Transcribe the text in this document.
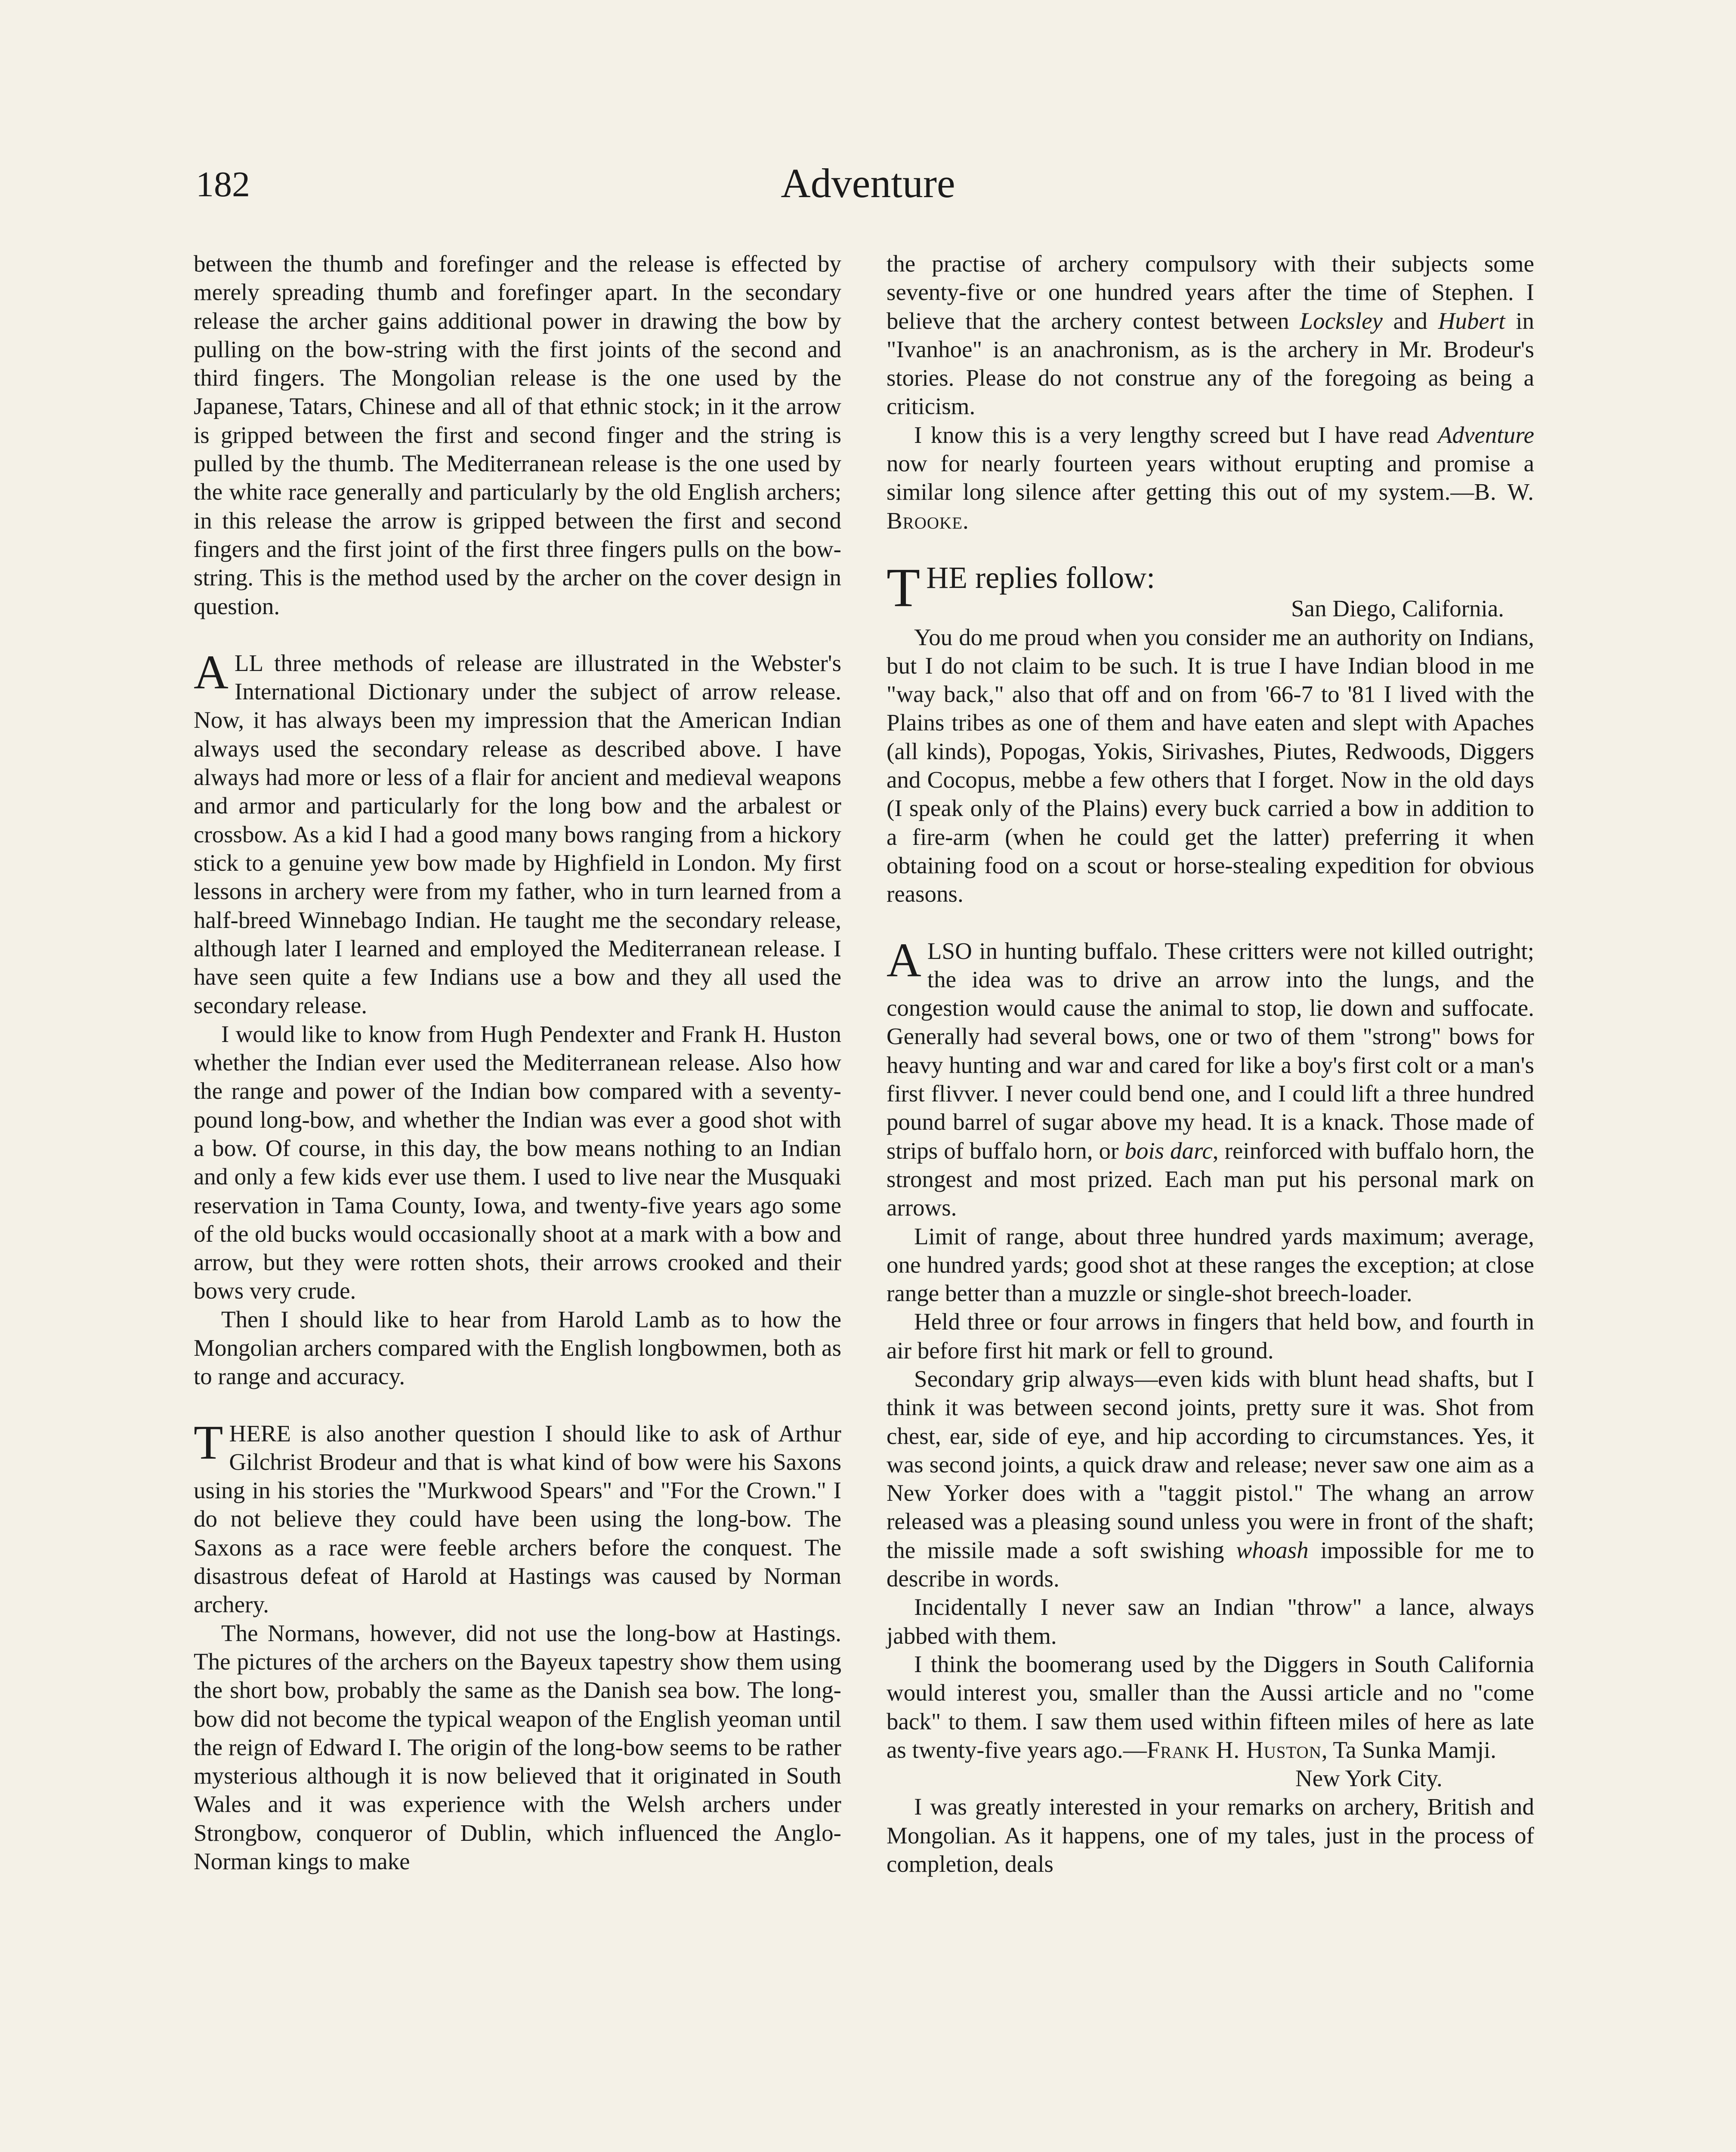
182	Adventure

between the thumb and forefinger and the release is effected by merely spreading thumb and forefinger apart. In the secondary release the archer gains additional power in drawing the bow by pulling on the bow-string with the first joints of the second and third fingers. The Mongolian release is the one used by the Japanese, Tatars, Chinese and all of that ethnic stock; in it the arrow is gripped between the first and second finger and the string is pulled by the thumb. The Mediterranean release is the one used by the white race generally and particularly by the old English archers; in this release the arrow is gripped between the first and second fingers and the first joint of the first three fingers pulls on the bow-string. This is the method used by the archer on the cover design in question.

ALL three methods of release are illustrated in the Webster's International Dictionary under the subject of arrow release. Now, it has always been my impression that the American Indian always used the secondary release as described above. I have always had more or less of a flair for ancient and medieval weapons and armor and particularly for the long bow and the arbalest or crossbow. As a kid I had a good many bows ranging from a hickory stick to a genuine yew bow made by Highfield in London. My first lessons in archery were from my father, who in turn learned from a half-breed Winnebago Indian. He taught me the secondary release, although later I learned and employed the Mediterranean release. I have seen quite a few Indians use a bow and they all used the secondary release.

I would like to know from Hugh Pendexter and Frank H. Huston whether the Indian ever used the Mediterranean release. Also how the range and power of the Indian bow compared with a seventy-pound long-bow, and whether the Indian was ever a good shot with a bow. Of course, in this day, the bow means nothing to an Indian and only a few kids ever use them. I used to live near the Musquaki reservation in Tama County, Iowa, and twenty-five years ago some of the old bucks would occasionally shoot at a mark with a bow and arrow, but they were rotten shots, their arrows crooked and their bows very crude.

Then I should like to hear from Harold Lamb as to how the Mongolian archers compared with the English longbowmen, both as to range and accuracy.

THERE is also another question I should like to ask of Arthur Gilchrist Brodeur and that is what kind of bow were his Saxons using in his stories the "Murkwood Spears" and "For the Crown." I do not believe they could have been using the long-bow. The Saxons as a race were feeble archers before the conquest. The disastrous defeat of Harold at Hastings was caused by Norman archery.

The Normans, however, did not use the long-bow at Hastings. The pictures of the archers on the Bayeux tapestry show them using the short bow, probably the same as the Danish sea bow. The long-bow did not become the typical weapon of the English yeoman until the reign of Edward I. The origin of the long-bow seems to be rather mysterious although it is now believed that it originated in South Wales and it was experience with the Welsh archers under Strongbow, conqueror of Dublin, which influenced the Anglo-Norman kings to make

the practise of archery compulsory with their subjects some seventy-five or one hundred years after the time of Stephen. I believe that the archery contest between Locksley and Hubert in "Ivanhoe" is an anachronism, as is the archery in Mr. Brodeur's stories. Please do not construe any of the foregoing as being a criticism.

I know this is a very lengthy screed but I have read Adventure now for nearly fourteen years without erupting and promise a similar long silence after getting this out of my system.—B. W. Brooke.

THE replies follow:

San Diego, California.

You do me proud when you consider me an authority on Indians, but I do not claim to be such. It is true I have Indian blood in me "way back," also that off and on from '66-7 to '81 I lived with the Plains tribes as one of them and have eaten and slept with Apaches (all kinds), Popogas, Yokis, Sirivashes, Piutes, Redwoods, Diggers and Cocopus, mebbe a few others that I forget. Now in the old days (I speak only of the Plains) every buck carried a bow in addition to a fire-arm (when he could get the latter) preferring it when obtaining food on a scout or horse-stealing expedition for obvious reasons.

ALSO in hunting buffalo. These critters were not killed outright; the idea was to drive an arrow into the lungs, and the congestion would cause the animal to stop, lie down and suffocate. Generally had several bows, one or two of them "strong" bows for heavy hunting and war and cared for like a boy's first colt or a man's first flivver. I never could bend one, and I could lift a three hundred pound barrel of sugar above my head. It is a knack. Those made of strips of buffalo horn, or bois darc, reinforced with buffalo horn, the strongest and most prized. Each man put his personal mark on arrows.

Limit of range, about three hundred yards maximum; average, one hundred yards; good shot at these ranges the exception; at close range better than a muzzle or single-shot breech-loader.

Held three or four arrows in fingers that held bow, and fourth in air before first hit mark or fell to ground.

Secondary grip always—even kids with blunt head shafts, but I think it was between second joints, pretty sure it was. Shot from chest, ear, side of eye, and hip according to circumstances. Yes, it was second joints, a quick draw and release; never saw one aim as a New Yorker does with a "taggit pistol." The whang an arrow released was a pleasing sound unless you were in front of the shaft; the missile made a soft swishing whoash impossible for me to describe in words.

Incidentally I never saw an Indian "throw" a lance, always jabbed with them.

I think the boomerang used by the Diggers in South California would interest you, smaller than the Aussi article and no "come back" to them. I saw them used within fifteen miles of here as late as twenty-five years ago.—Frank H. Huston, Ta Sunka Mamji.

New York City.

I was greatly interested in your remarks on archery, British and Mongolian. As it happens, one of my tales, just in the process of completion, deals
